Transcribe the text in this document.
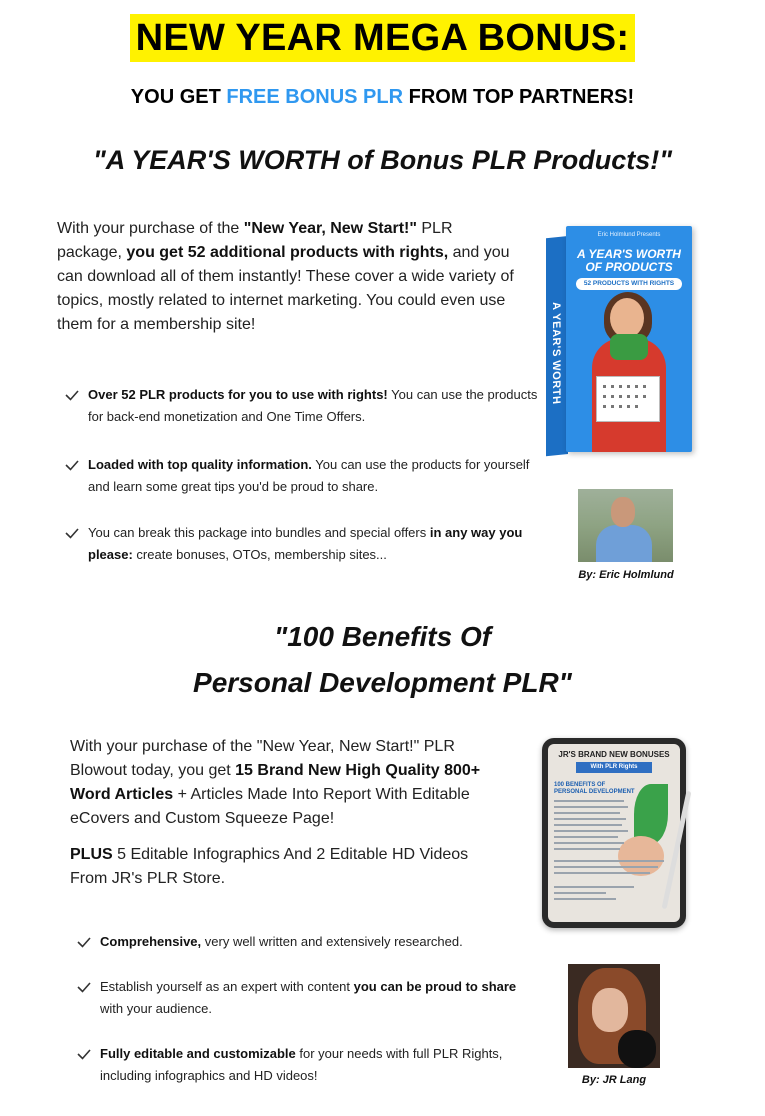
NEW YEAR MEGA BONUS:
YOU GET FREE BONUS PLR FROM TOP PARTNERS!
"A YEAR'S WORTH of Bonus PLR Products!"
With your purchase of the "New Year, New Start!" PLR package, you get 52 additional products with rights, and you can download all of them instantly! These cover a wide variety of topics, mostly related to internet marketing. You could even use them for a membership site!
Over 52 PLR products for you to use with rights! You can use the products for back-end monetization and One Time Offers.
Loaded with top quality information. You can use the products for yourself and learn some great tips you'd be proud to share.
You can break this package into bundles and special offers in any way you please: create bonuses, OTOs, membership sites...
A YEAR'S WORTH
Eric Holmlund Presents
A YEAR'S WORTH
OF PRODUCTS
52 PRODUCTS WITH RIGHTS
By: Eric Holmlund
"100 Benefits Of
Personal Development PLR"
With your purchase of the "New Year, New Start!" PLR Blowout today, you get 15 Brand New High Quality 800+ Word Articles + Articles Made Into Report With Editable eCovers and Custom Squeeze Page!
PLUS 5 Editable Infographics And 2 Editable HD Videos From JR's PLR Store.
Comprehensive, very well written and extensively researched.
Establish yourself as an expert with content you can be proud to share with your audience.
Fully editable and customizable for your needs with full PLR Rights, including infographics and HD videos!
JR'S BRAND NEW BONUSES
With PLR Rights
100 BENEFITS OF
PERSONAL DEVELOPMENT
By: JR Lang
